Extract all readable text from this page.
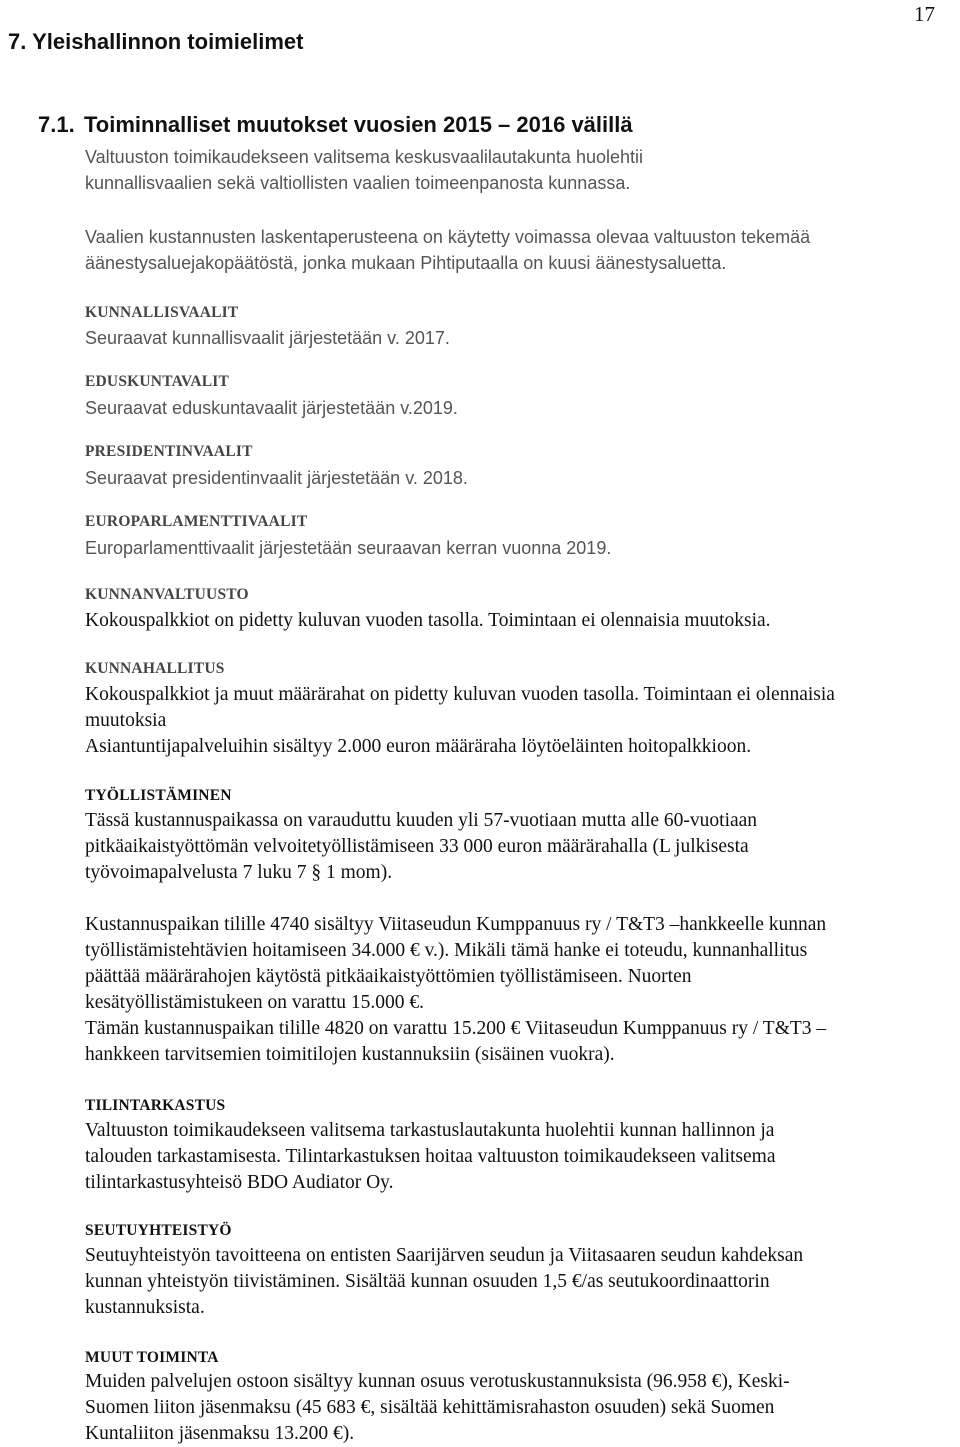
17
7. Yleishallinnon toimielimet
7.1. Toiminnalliset muutokset vuosien 2015 – 2016 välillä
Valtuuston toimikaudekseen valitsema keskusvaalilautakunta huolehtii
kunnallisvaalien sekä valtiollisten vaalien toimeenpanosta kunnassa.
Vaalien kustannusten laskentaperusteena on käytetty voimassa olevaa valtuuston tekemää
äänestysaluejakopäätöstä, jonka mukaan Pihtiputaalla on kuusi äänestysaluetta.
KUNNALLISVAALIT
Seuraavat kunnallisvaalit järjestetään v. 2017.
EDUSKUNTAVALIT
Seuraavat eduskuntavaalit järjestetään v.2019.
PRESIDENTINVAALIT
Seuraavat presidentinvaalit järjestetään v. 2018.
EUROPARLAMENTTIVAALIT
Europarlamenttivaalit järjestetään seuraavan kerran vuonna 2019.
KUNNANVALTUUSTO
Kokouspalkkiot on pidetty kuluvan vuoden tasolla. Toimintaan ei olennaisia muutoksia.
KUNNAHALLITUS
Kokouspalkkiot ja muut määrärahat on pidetty kuluvan vuoden tasolla. Toimintaan ei olennaisia
muutoksia
Asiantuntijapalveluihin sisältyy 2.000 euron määräraha löytöeläinten hoitopalkkioon.
TYÖLLISTÄMINEN
Tässä kustannuspaikassa on varauduttu kuuden yli 57-vuotiaan mutta alle 60-vuotiaan
pitkäaikaistyöttömän velvoitetyöllistämiseen 33 000 euron määrärahalla (L julkisesta
työvoimapalvelusta 7 luku 7 § 1 mom).
Kustannuspaikan tilille 4740 sisältyy Viitaseudun Kumppanuus ry / T&T3 –hankkeelle kunnan
työllistämistehtävien hoitamiseen 34.000 € v.). Mikäli tämä hanke ei toteudu, kunnanhallitus
päättää määrärahojen käytöstä pitkäaikaistyöttömien työllistämiseen. Nuorten
kesätyöllistämistukeen on varattu 15.000 €.
Tämän kustannuspaikan tilille 4820 on varattu 15.200 € Viitaseudun Kumppanuus ry / T&T3 –
hankkeen tarvitsemien toimitilojen kustannuksiin (sisäinen vuokra).
TILINTARKASTUS
Valtuuston toimikaudekseen valitsema tarkastuslautakunta huolehtii kunnan hallinnon ja
talouden tarkastamisesta. Tilintarkastuksen hoitaa valtuuston toimikaudekseen valitsema
tilintarkastusyhteisö BDO Audiator Oy.
SEUTUYHTEISTYÖ
Seutuyhteistyön tavoitteena on entisten Saarijärven seudun ja Viitasaaren seudun kahdeksan
kunnan yhteistyön tiivistäminen. Sisältää kunnan osuuden 1,5 €/as seutukoordinaattorin
kustannuksista.
MUUT TOIMINTA
Muiden palvelujen ostoon sisältyy kunnan osuus verotuskustannuksista (96.958 €), Keski-
Suomen liiton jäsenmaksu (45 683 €, sisältää kehittämisrahaston osuuden) sekä Suomen
Kuntaliiton jäsenmaksu 13.200 €).
